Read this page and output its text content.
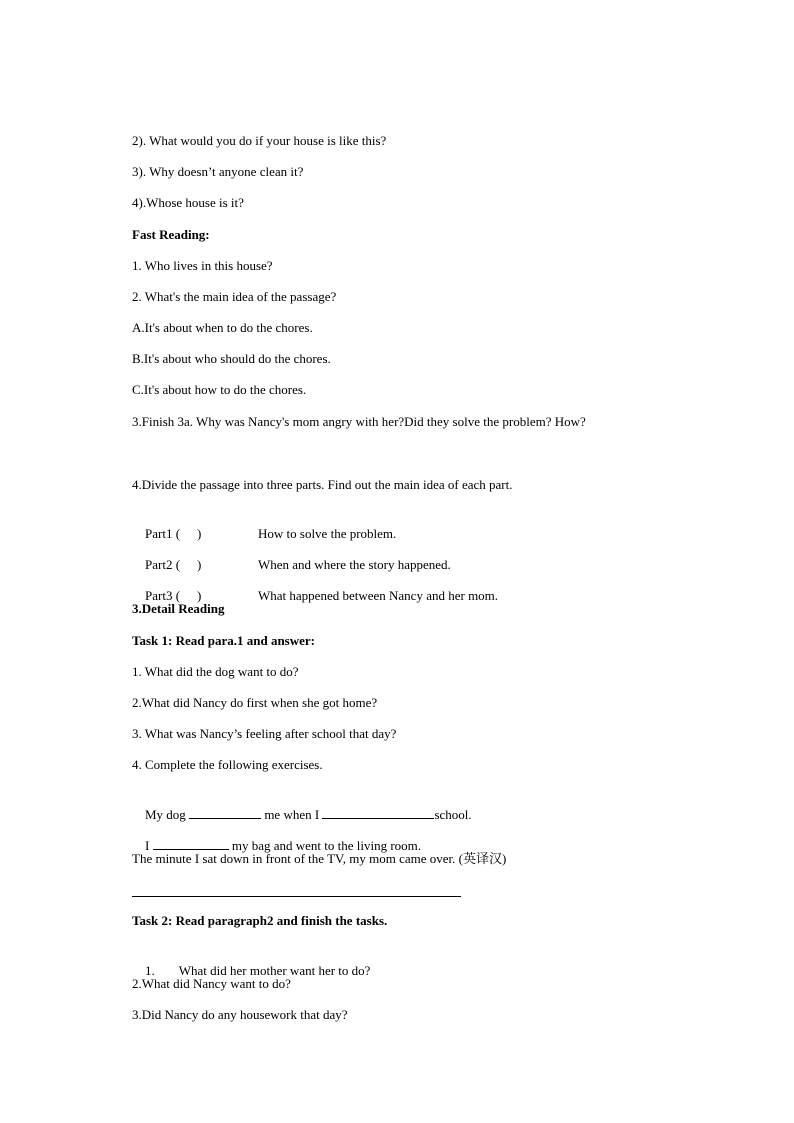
2). What would you do if your house is like this?
3). Why doesn’t anyone clean it?
4).Whose house is it?
Fast Reading:
1. Who lives in this house?
2. What's the main idea of the passage?
A.It's about when to do the chores.
B.It's about who should do the chores.
C.It's about how to do the chores.
3.Finish 3a. Why was Nancy's mom angry with her?Did they solve the problem? How?
4.Divide the passage into three parts. Find out the main idea of each part.

Part1 ( )	How to solve the problem.

Part2 ( )	When and where the story happened.

Part3 ( )	What happened between Nancy and her mom.

3.Detail Reading
Task 1: Read para.1 and answer:
1. What did the dog want to do?
2.What did Nancy do first when she got home?
3. What was Nancy’s feeling after school that day?
4. Complete the following exercises.

My dog	me when I	school.

I	my bag and went to the living room.

The minute I sat down in front of the TV, my mom came over. (英译汉)
Task 2: Read paragraph2 and finish the tasks.

1. What did her mother want her to do?

2.What did Nancy want to do?
3.Did Nancy do any housework that day?
